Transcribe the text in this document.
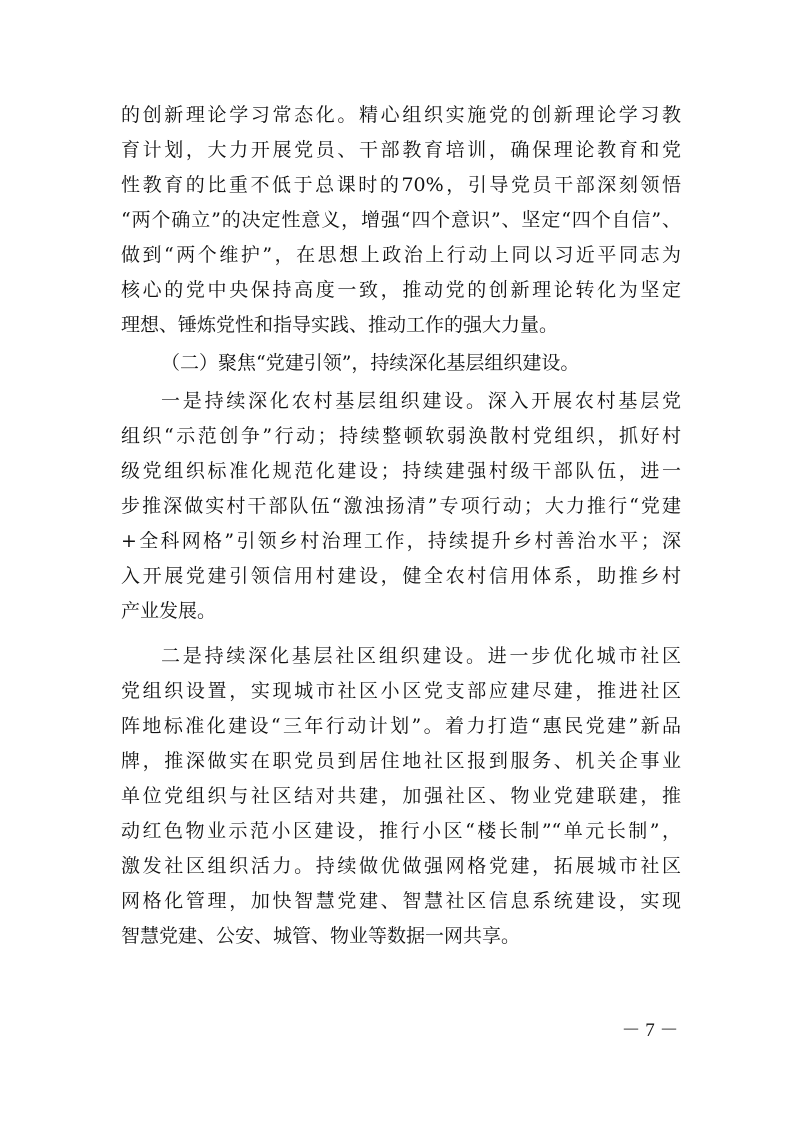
的创新理论学习常态化。精心组织实施党的创新理论学习教
育计划，大力开展党员、干部教育培训，确保理论教育和党
性教育的比重不低于总课时的70%，引导党员干部深刻领悟
“两个确立”的决定性意义，增强“四个意识”、坚定“四个自信”、
做到“两个维护”，在思想上政治上行动上同以习近平同志为
核心的党中央保持高度一致，推动党的创新理论转化为坚定
理想、锤炼党性和指导实践、推动工作的强大力量。
（二）聚焦“党建引领”，持续深化基层组织建设。
一是持续深化农村基层组织建设。深入开展农村基层党
组织“示范创争”行动；持续整顿软弱涣散村党组织，抓好村
级党组织标准化规范化建设；持续建强村级干部队伍，进一
步推深做实村干部队伍“激浊扬清”专项行动；大力推行“党建
+全科网格”引领乡村治理工作，持续提升乡村善治水平；深
入开展党建引领信用村建设，健全农村信用体系，助推乡村
产业发展。
二是持续深化基层社区组织建设。进一步优化城市社区
党组织设置，实现城市社区小区党支部应建尽建，推进社区
阵地标准化建设“三年行动计划”。着力打造“惠民党建”新品
牌，推深做实在职党员到居住地社区报到服务、机关企事业
单位党组织与社区结对共建，加强社区、物业党建联建，推
动红色物业示范小区建设，推行小区“楼长制”“单元长制”，
激发社区组织活力。持续做优做强网格党建，拓展城市社区
网格化管理，加快智慧党建、智慧社区信息系统建设，实现
智慧党建、公安、城管、物业等数据一网共享。
－ 7 －
